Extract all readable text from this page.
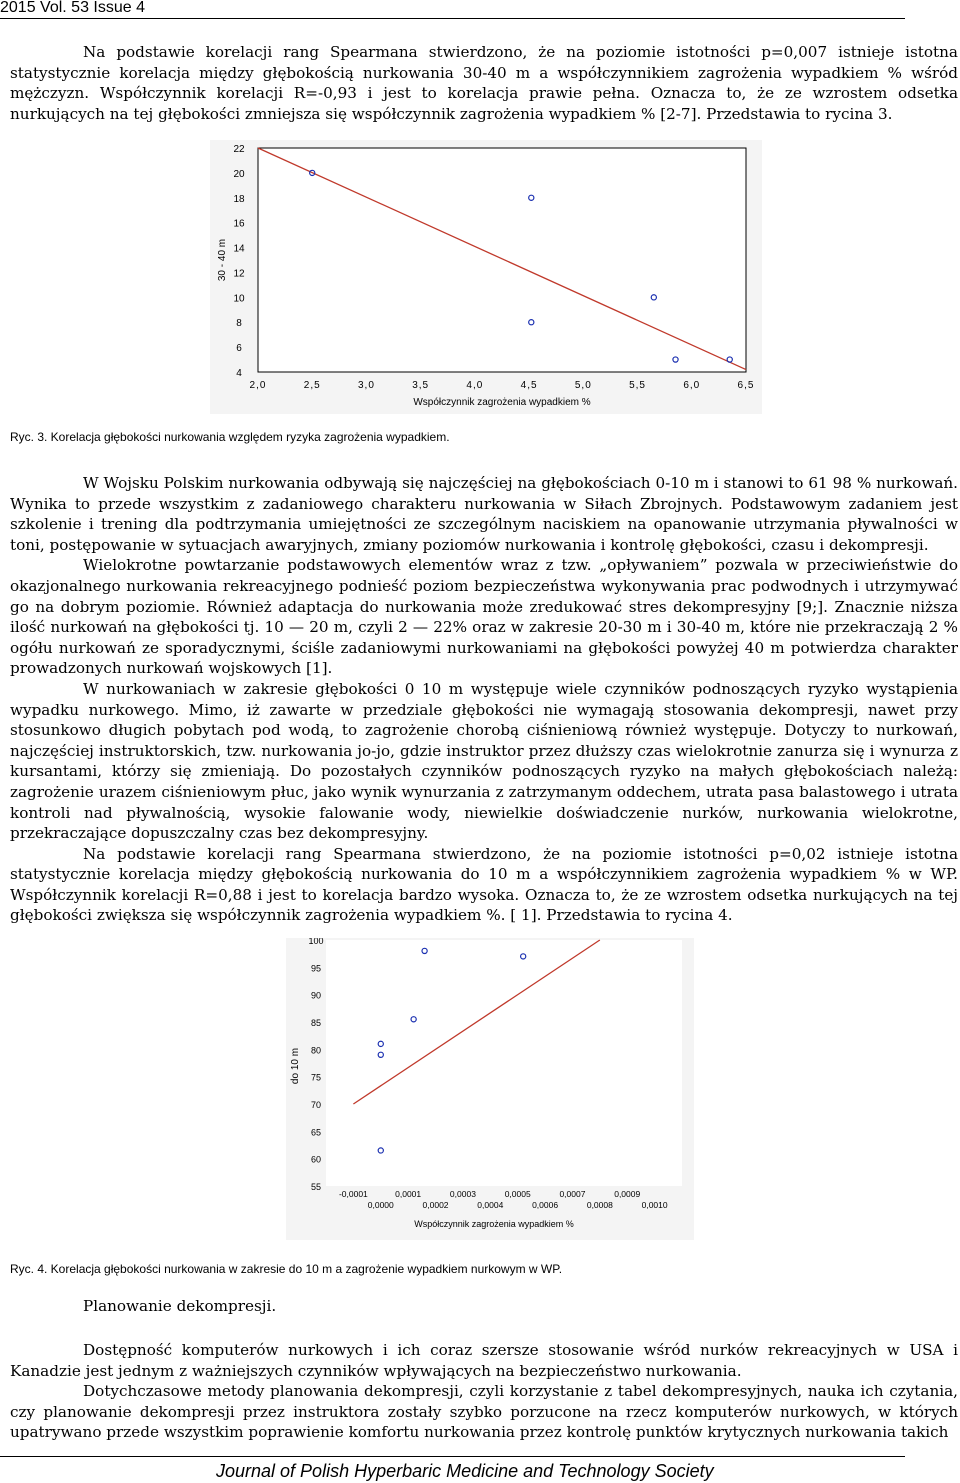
2015 Vol. 53 Issue 4

Na podstawie korelacji rang Spearmana stwierdzono, że na poziomie istotności p=0,007 istnieje istotna statystycznie korelacja między głębokością nurkowania 30-40 m a współczynnikiem zagrożenia wypadkiem % wśród mężczyzn. Współczynnik korelacji R=-0,93 i jest to korelacja prawie pełna. Oznacza to, że ze wzrostem odsetka nurkujących na tej głębokości zmniejsza się współczynnik zagrożenia wypadkiem % [2-7]. Przedstawia to rycina 3.

4
6
8
10
12
14
16
18
20
22
2,0	2,5	3,0	3,5	4,0	4,5	5,0	5,5	6,0	6,5
30 - 40 m
Współczynnik zagrożenia wypadkiem %
Ryc. 3. Korelacja głębokości nurkowania względem ryzyka zagrożenia wypadkiem.

W Wojsku Polskim nurkowania odbywają się najczęściej na głębokościach 0-10 m i stanowi to 61 98 % nurkowań. Wynika to przede wszystkim z zadaniowego charakteru nurkowania w Siłach Zbrojnych. Podstawowym zadaniem jest szkolenie i trening dla podtrzymania umiejętności ze szczególnym naciskiem na opanowanie utrzymania pływalności w toni, postępowanie w sytuacjach awaryjnych, zmiany poziomów nurkowania i kontrolę głębokości, czasu i dekompresji.

Wielokrotne powtarzanie podstawowych elementów wraz z tzw. „opływaniem” pozwala w przeciwieństwie do okazjonalnego nurkowania rekreacyjnego podnieść poziom bezpieczeństwa wykonywania prac podwodnych i utrzymywać go na dobrym poziomie. Również adaptacja do nurkowania może zredukować stres dekompresyjny [9;]. Znacznie niższa ilość nurkowań na głębokości tj. 10 — 20 m, czyli 2 — 22% oraz w zakresie 20-30 m i 30-40 m, które nie przekraczają 2 % ogółu nurkowań ze sporadycznymi, ściśle zadaniowymi nurkowaniami na głębokości powyżej 40 m potwierdza charakter prowadzonych nurkowań wojskowych [1].

W nurkowaniach w zakresie głębokości 0 10 m występuje wiele czynników podnoszących ryzyko wystąpienia wypadku nurkowego. Mimo, iż zawarte w przedziale głębokości nie wymagają stosowania dekompresji, nawet przy stosunkowo długich pobytach pod wodą, to zagrożenie chorobą ciśnieniową również występuje. Dotyczy to nurkowań, najczęściej instruktorskich, tzw. nurkowania jo-jo, gdzie instruktor przez dłuższy czas wielokrotnie zanurza się i wynurza z kursantami, którzy się zmieniają. Do pozostałych czynników podnoszących ryzyko na małych głębokościach należą: zagrożenie urazem ciśnieniowym płuc, jako wynik wynurzania z zatrzymanym oddechem, utrata pasa balastowego i utrata kontroli nad pływalnością, wysokie falowanie wody, niewielkie doświadczenie nurków, nurkowania wielokrotne, przekraczające dopuszczalny czas bez dekompresyjny.

Na podstawie korelacji rang Spearmana stwierdzono, że na poziomie istotności p=0,02 istnieje istotna statystycznie korelacja między głębokością nurkowania do 10 m a współczynnikiem zagrożenia wypadkiem % w WP. Współczynnik korelacji R=0,88 i jest to korelacja bardzo wysoka. Oznacza to, że ze wzrostem odsetka nurkujących na tej głębokości zwiększa się współczynnik zagrożenia wypadkiem %. [ 1]. Przedstawia to rycina 4.

55
60
65
70
75
80
85
90
95
100
-0,0001	0,0001	0,0003	0,0005	0,0007	0,0009
0,0000	0,0002	0,0004	0,0006	0,0008	0,0010
do 10 m
Współczynnik zagrożenia wypadkiem %
Ryc. 4. Korelacja głębokości nurkowania w zakresie do 10 m a zagrożenie wypadkiem nurkowym w WP.
Planowanie dekompresji.

Dostępność komputerów nurkowych i ich coraz szersze stosowanie wśród nurków rekreacyjnych w USA i Kanadzie jest jednym z ważniejszych czynników wpływających na bezpieczeństwo nurkowania.

Dotychczasowe metody planowania dekompresji, czyli korzystanie z tabel dekompresyjnych, nauka ich czytania, czy planowanie dekompresji przez instruktora zostały szybko porzucone na rzecz komputerów nurkowych, w których upatrywano przede wszystkim poprawienie komfortu nurkowania przez kontrolę punktów krytycznych nurkowania takich

Journal of Polish Hyperbaric Medicine and Technology Society
